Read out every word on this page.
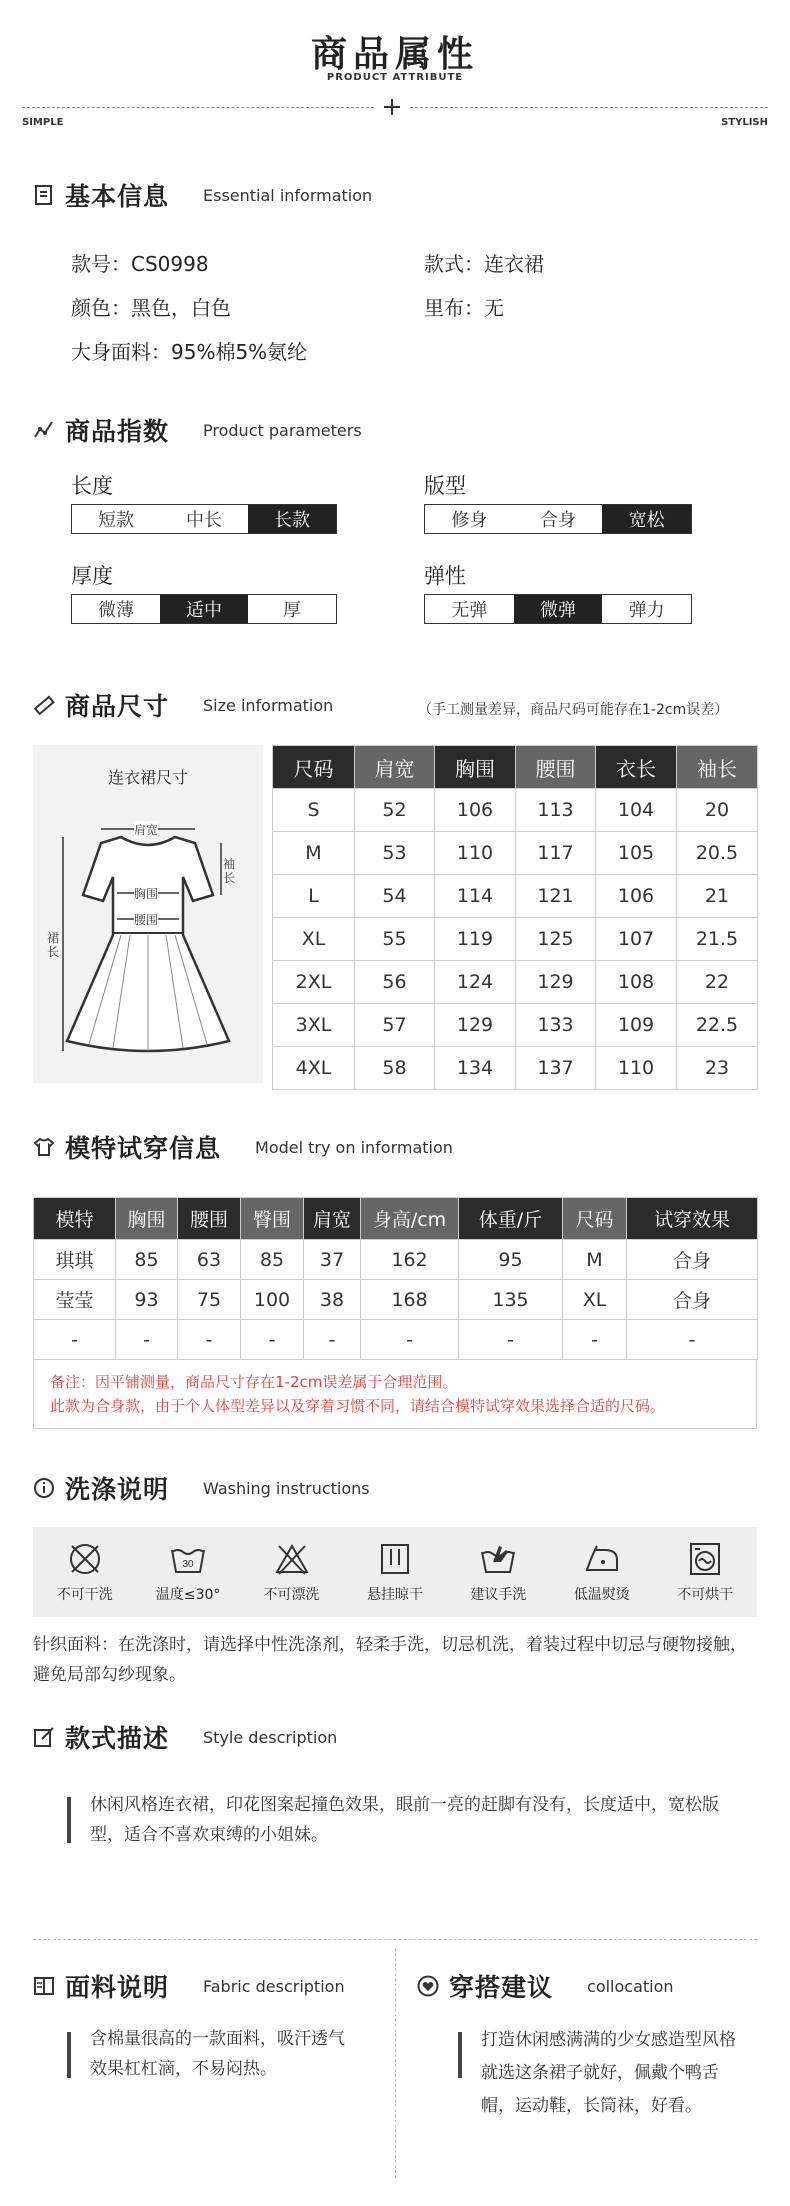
商品属性
PRODUCT ATTRIBUTE
SIMPLE	STYLISH
基本信息 Essential information
款号：CS0998	款式：连衣裙
颜色：黑色，白色	里布：无
大身面料：95%棉5%氨纶
商品指数 Product parameters
长度
短款	中长	长款
版型
修身	合身	宽松
厚度
微薄	适中	厚
弹性
无弹	微弹	弹力
商品尺寸 Size information	（手工测量差异，商品尺码可能存在1-2cm误差）
连衣裙尺寸
肩宽
胸围
腰围
袖长
裙长
尺码	肩宽	胸围	腰围	衣长	袖长
S	52	106	113	104	20
M	53	110	117	105	20.5
L	54	114	121	106	21
XL	55	119	125	107	21.5
2XL	56	124	129	108	22
3XL	57	129	133	109	22.5
4XL	58	134	137	110	23
模特试穿信息 Model try on information
模特	胸围	腰围	臀围	肩宽	身高/cm	体重/斤	尺码	试穿效果
琪琪	85	63	85	37	162	95	M	合身
莹莹	93	75	100	38	168	135	XL	合身
-	-	-	-	-	-	-	-	-
备注：因平铺测量，商品尺寸存在1-2cm误差属于合理范围。
此款为合身款，由于个人体型差异以及穿着习惯不同，请结合模特试穿效果选择合适的尺码。
洗涤说明 Washing instructions
不可干洗
30
温度≤30°	不可漂洗	悬挂晾干	建议手洗	低温熨烫	不可烘干
针织面料：在洗涤时，请选择中性洗涤剂，轻柔手洗，切忌机洗，着装过程中切忌与硬物接触，避免局部勾纱现象。
款式描述 Style description
休闲风格连衣裙，印花图案起撞色效果，眼前一亮的赶脚有没有，长度适中，宽松版型，适合不喜欢束缚的小姐妹。
面料说明 Fabric description
含棉量很高的一款面料，吸汗透气效果杠杠滴，不易闷热。
穿搭建议 collocation
打造休闲感满满的少女感造型风格就选这条裙子就好，佩戴个鸭舌帽，运动鞋，长筒袜，好看。
